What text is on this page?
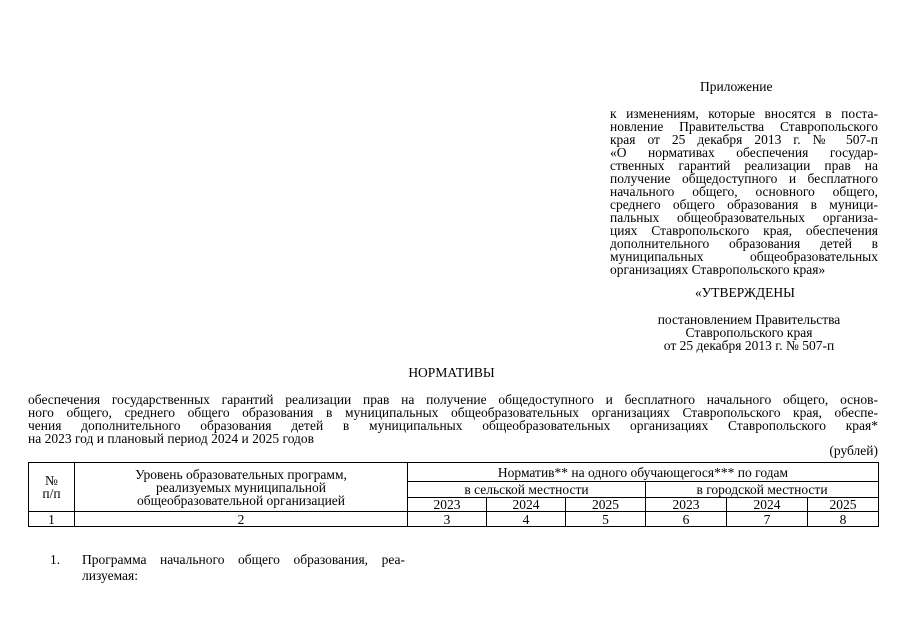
Приложение
к изменениям, которые вносятся в поста-
новление Правительства Ставропольского
края от 25 декабря 2013 г. № 507-п
«О нормативах обеспечения государ-
ственных гарантий реализации прав на
получение общедоступного и бесплатного
начального общего, основного общего,
среднего общего образования в муници-
пальных общеобразовательных организа-
циях Ставропольского края, обеспечения
дополнительного образования детей в
муниципальных общеобразовательных
организациях Ставропольского края»
«УТВЕРЖДЕНЫ
постановлением Правительства
Ставропольского края
от 25 декабря 2013 г. № 507-п
НОРМАТИВЫ
обеспечения государственных гарантий реализации прав на получение общедоступного и бесплатного начального общего, основ-
ного общего, среднего общего образования в муниципальных общеобразовательных организациях Ставропольского края, обеспе-
чения дополнительного образования детей в муниципальных общеобразовательных организациях Ставропольского края*
на 2023 год и плановый период 2024 и 2025 годов
(рублей)
№ п/п	Уровень образовательных программ, реализуемых муниципальной общеобразовательной организацией	Норматив** на одного обучающегося*** по годам					
		в сельской местности			в городской местности		
		2023	2024	2025	2023	2024	2025
1	2	3	4	5	6	7	8
1. Программа начального общего образования, реа-
лизуемая:
